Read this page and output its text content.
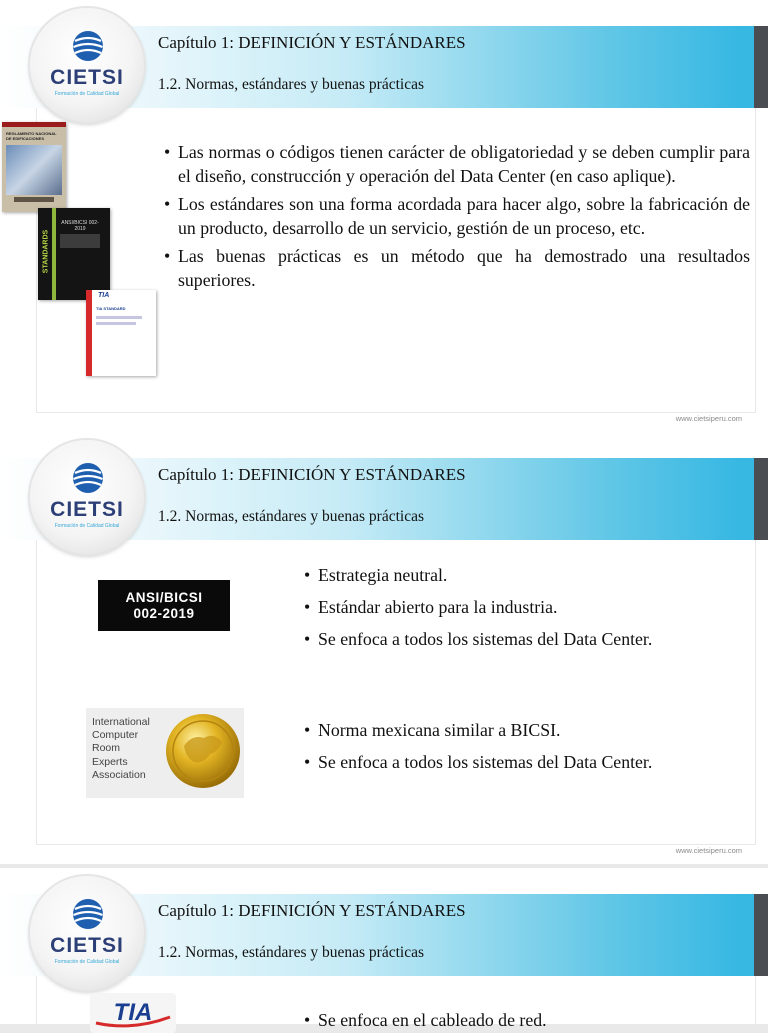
CIETSI
Formación de Calidad Global
Capítulo 1: DEFINICIÓN Y ESTÁNDARES
1.2. Normas, estándares y buenas prácticas
REGLAMENTO NACIONAL DE EDIFICACIONES
STANDARDS
ANSI/BICSI 002-2019
TIA
TIA STANDARD
• Las normas o códigos tienen carácter de obligatoriedad y se deben cumplir para el diseño, construcción y operación del Data Center (en caso aplique).
• Los estándares son una forma acordada para hacer algo, sobre la fabricación de un producto, desarrollo de un servicio, gestión de un proceso, etc.
• Las buenas prácticas es un método que ha demostrado una resultados superiores.
www.cietsiperu.com
CIETSI
Formación de Calidad Global
Capítulo 1: DEFINICIÓN Y ESTÁNDARES
1.2. Normas, estándares y buenas prácticas
www.cietsiperu.com
ANSI/BICSI
002-2019
• Estrategia neutral.
• Estándar abierto para la industria.
• Se enfoca a todos los sistemas del Data Center.
International
Computer
Room
Experts
Association
• Norma mexicana similar a BICSI.
• Se enfoca a todos los sistemas del Data Center.
CIETSI
Formación de Calidad Global
Capítulo 1: DEFINICIÓN Y ESTÁNDARES
1.2. Normas, estándares y buenas prácticas
TIA
•	Se enfoca en el cableado de red.
